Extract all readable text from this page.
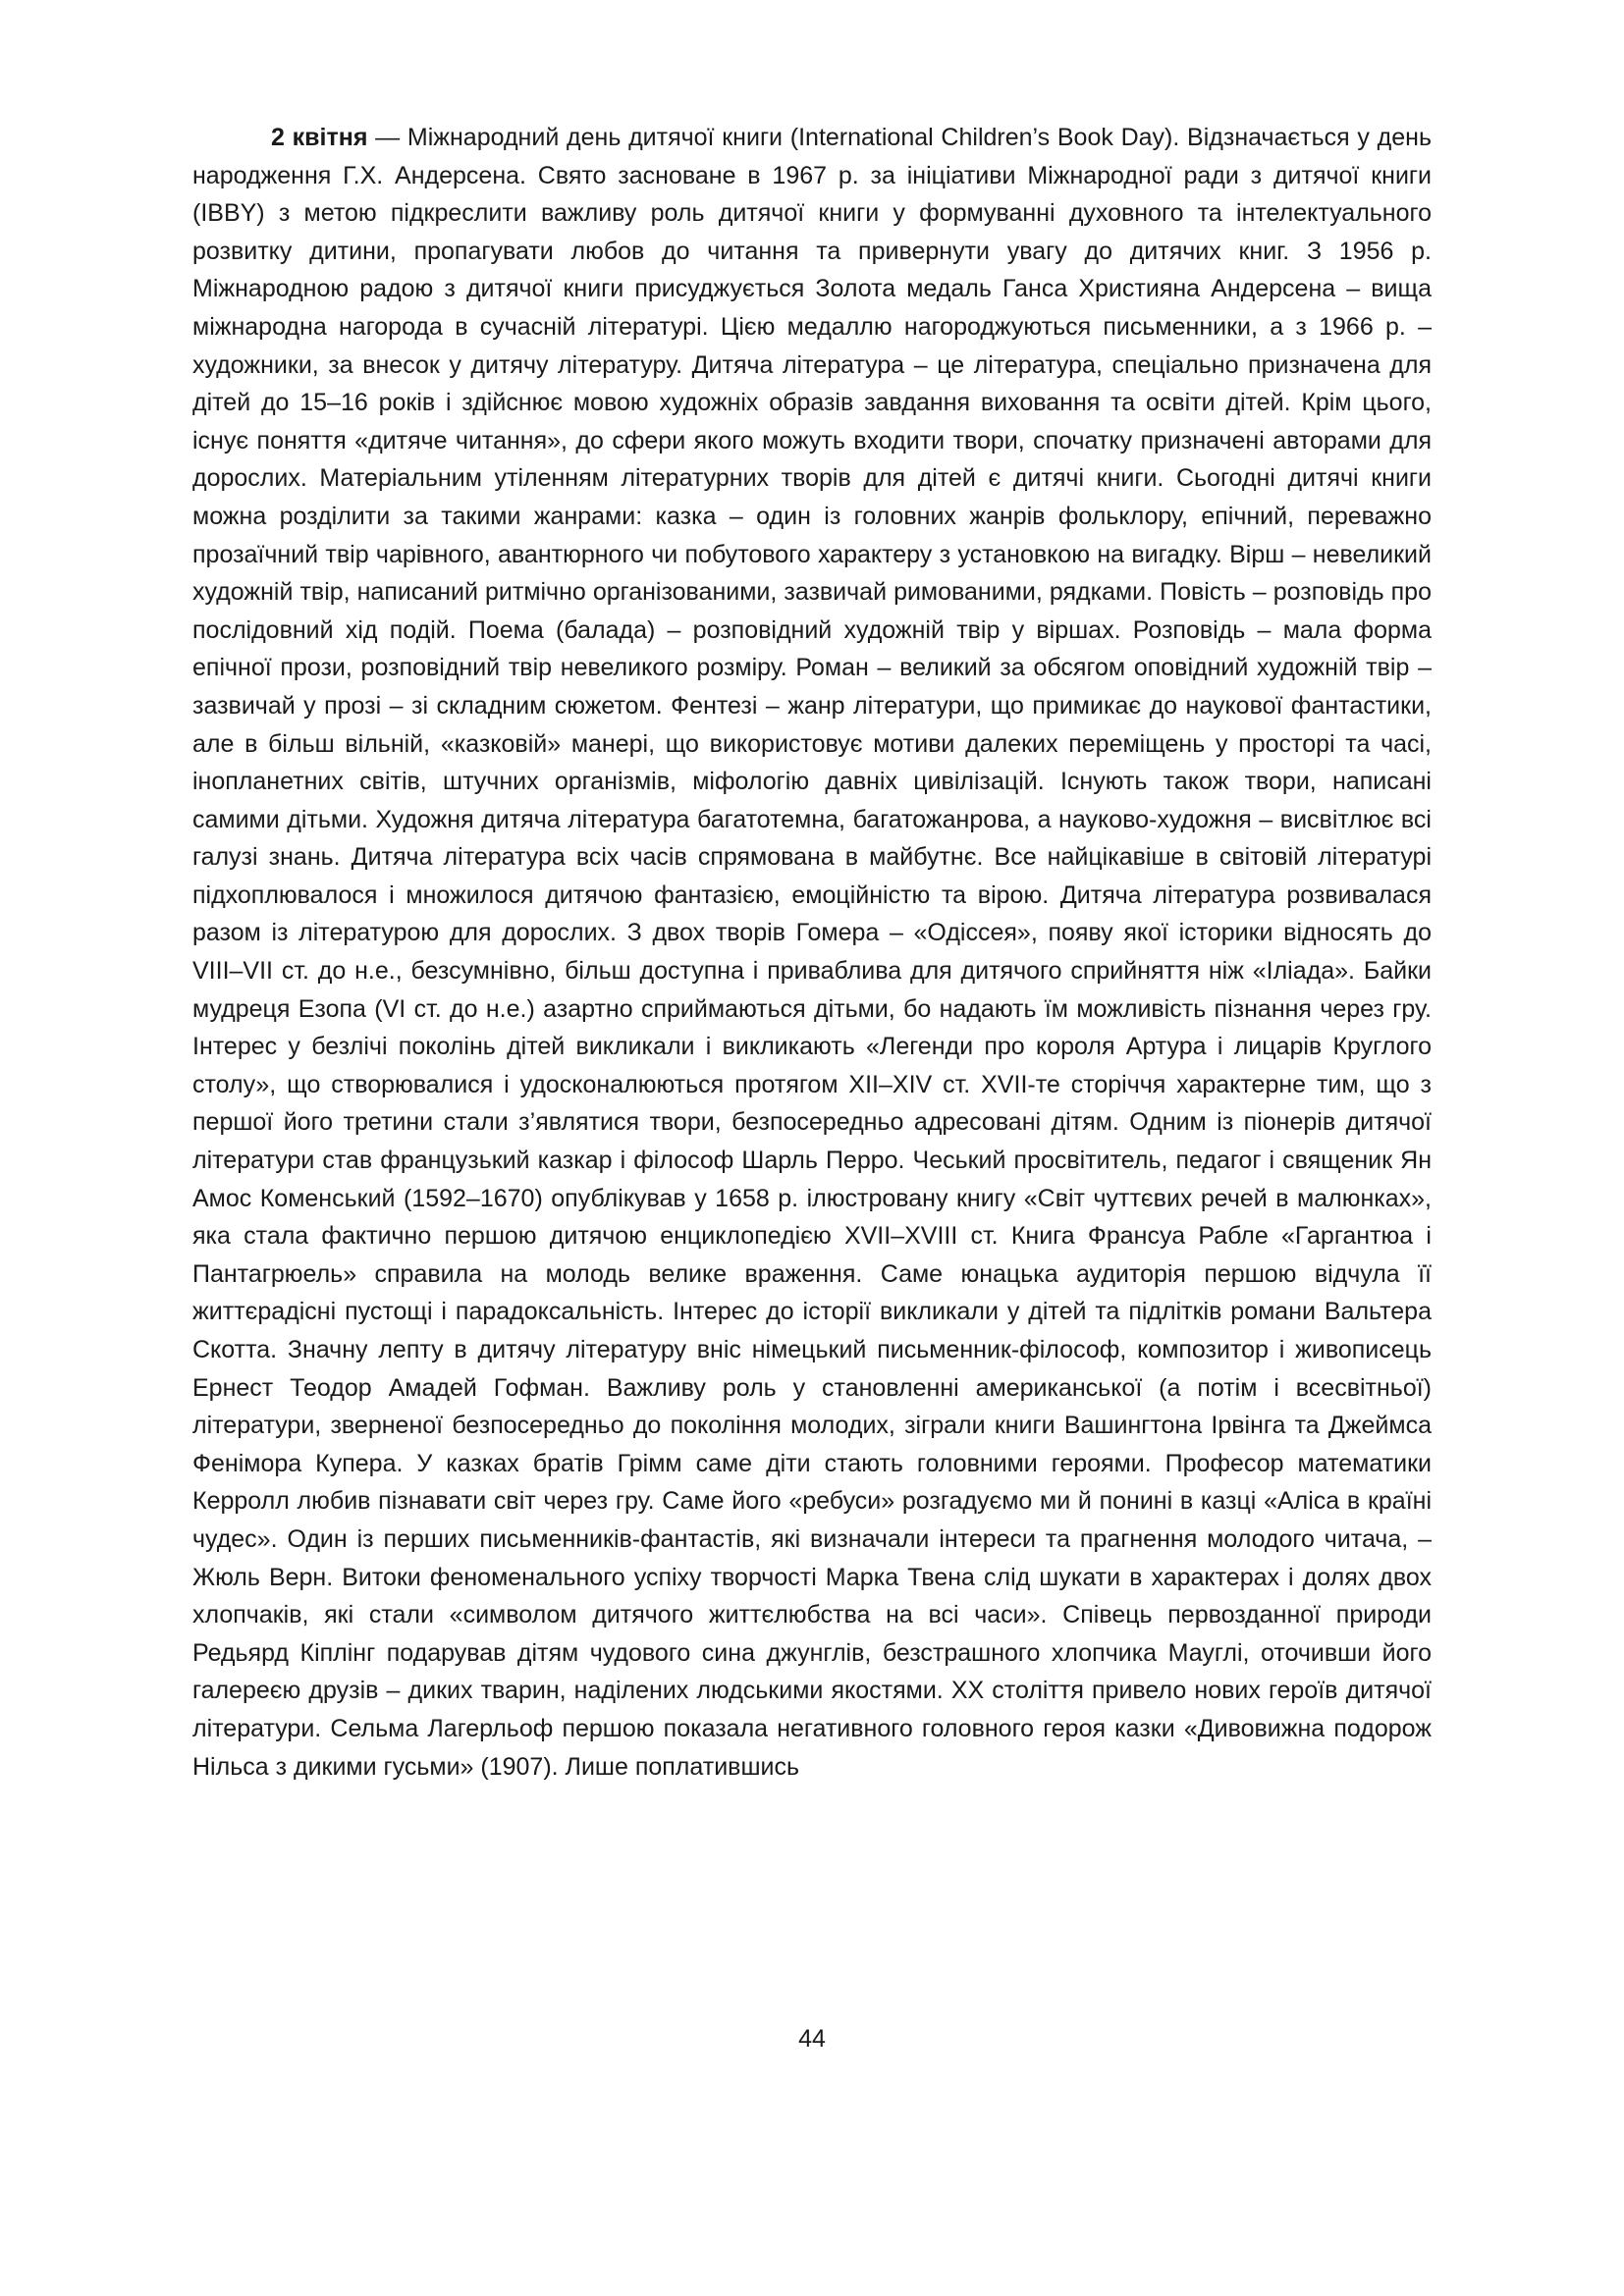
2 квітня — Міжнародний день дитячої книги (International Children’s Book Day). Відзначається у день народження Г.Х. Андерсена. Свято засноване в 1967 р. за ініціативи Міжнародної ради з дитячої книги (IBBY) з метою підкреслити важливу роль дитячої книги у формуванні духовного та інтелектуального розвитку дитини, пропагувати любов до читання та привернути увагу до дитячих книг. З 1956 р. Міжнародною радою з дитячої книги присуджується Золота медаль Ганса Християна Андерсена – вища міжнародна нагорода в сучасній літературі. Цією медаллю нагороджуються письменники, а з 1966 р. – художники, за внесок у дитячу літературу. Дитяча література – це література, спеціально призначена для дітей до 15–16 років і здійснює мовою художніх образів завдання виховання та освіти дітей. Крім цього, існує поняття «дитяче читання», до сфери якого можуть входити твори, спочатку призначені авторами для дорослих. Матеріальним утіленням літературних творів для дітей є дитячі книги. Сьогодні дитячі книги можна розділити за такими жанрами: казка – один із головних жанрів фольклору, епічний, переважно прозаїчний твір чарівного, авантюрного чи побутового характеру з установкою на вигадку. Вірш – невеликий художній твір, написаний ритмічно організованими, зазвичай римованими, рядками. Повість – розповідь про послідовний хід подій. Поема (балада) – розповідний художній твір у віршах. Розповідь – мала форма епічної прози, розповідний твір невеликого розміру. Роман – великий за обсягом оповідний художній твір – зазвичай у прозі – зі складним сюжетом. Фентезі – жанр літератури, що примикає до наукової фантастики, але в більш вільній, «казковій» манері, що використовує мотиви далеких переміщень у просторі та часі, інопланетних світів, штучних організмів, міфологію давніх цивілізацій. Існують також твори, написані самими дітьми. Художня дитяча література багатотемна, багатожанрова, а науково-художня – висвітлює всі галузі знань. Дитяча література всіх часів спрямована в майбутнє. Все найцікавіше в світовій літературі підхоплювалося і множилося дитячою фантазією, емоційністю та вірою. Дитяча література розвивалася разом із літературою для дорослих. З двох творів Гомера – «Одіссея», появу якої історики відносять до VIII–VII ст. до н.е., безсумнівно, більш доступна і приваблива для дитячого сприйняття ніж «Іліада». Байки мудреця Езопа (VI ст. до н.е.) азартно сприймаються дітьми, бо надають їм можливість пізнання через гру. Інтерес у безлічі поколінь дітей викликали і викликають «Легенди про короля Артура і лицарів Круглого столу», що створювалися і удосконалюються протягом XII–XIV ст. XVII-те сторіччя характерне тим, що з першої його третини стали з’являтися твори, безпосередньо адресовані дітям. Одним із піонерів дитячої літератури став французький казкар і філософ Шарль Перро. Чеський просвітитель, педагог і священик Ян Амос Коменський (1592–1670) опублікував у 1658 р. ілюстровану книгу «Світ чуттєвих речей в малюнках», яка стала фактично першою дитячою енциклопедією XVII–XVIII ст. Книга Франсуа Рабле «Гаргантюа і Пантагрюель» справила на молодь велике враження. Саме юнацька аудиторія першою відчула її життєрадісні пустощі і парадоксальність. Інтерес до історії викликали у дітей та підлітків романи Вальтера Скотта. Значну лепту в дитячу літературу вніс німецький письменник-філософ, композитор і живописець Ернест Теодор Амадей Гофман. Важливу роль у становленні американської (а потім і всесвітньої) літератури, зверненої безпосередньо до покоління молодих, зіграли книги Вашингтона Ірвінга та Джеймса Фенімора Купера. У казках братів Грімм саме діти стають головними героями. Професор математики Керролл любив пізнавати світ через гру. Саме його «ребуси» розгадуємо ми й понині в казці «Аліса в країні чудес». Один із перших письменників-фантастів, які визначали інтереси та прагнення молодого читача, – Жюль Верн. Витоки феноменального успіху творчості Марка Твена слід шукати в характерах і долях двох хлопчаків, які стали «символом дитячого життєлюбства на всі часи». Співець первозданної природи Редьярд Кіплінг подарував дітям чудового сина джунглів, безстрашного хлопчика Мауглі, оточивши його галереєю друзів – диких тварин, наділених людськими якостями. XX століття привело нових героїв дитячої літератури. Сельма Лагерльоф першою показала негативного головного героя казки «Дивовижна подорож Нільса з дикими гусьми» (1907). Лише поплатившись

44
